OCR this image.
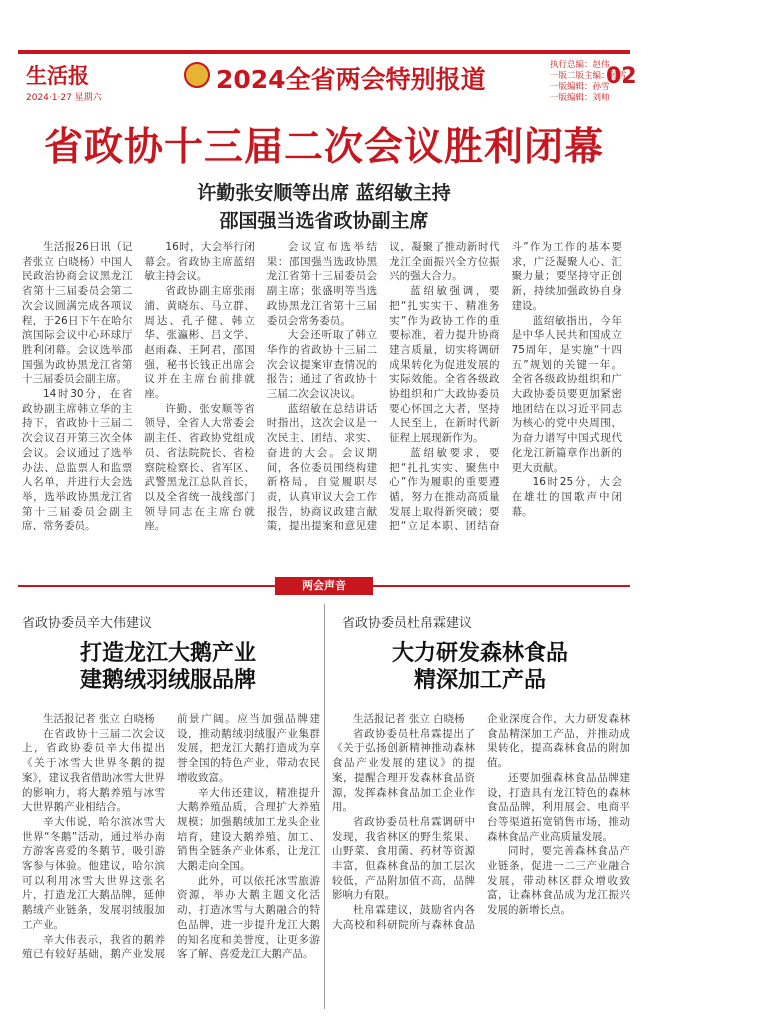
生活报
2024·1·27 星期六
2024全省两会特别报道	执行总编：赵伟
一版二版主编：孙雪
一版编辑：孙雪
一版编辑：刘帅
02
省政协十三届二次会议胜利闭幕
许勤张安顺等出席 蓝绍敏主持
邵国强当选省政协副主席

生活报26日讯（记者张立 白晓杨）中国人民政治协商会议黑龙江省第十三届委员会第二次会议圆满完成各项议程，于26日下午在哈尔滨国际会议中心环球厅胜利闭幕。会议选举邵国强为政协黑龙江省第十三届委员会副主席。

14时30分，在省政协副主席韩立华的主持下，省政协十三届二次会议召开第三次全体会议。会议通过了选举办法、总监票人和监票人名单，并进行大会选举，选举政协黑龙江省第十三届委员会副主席、常务委员。

16时，大会举行闭幕会。省政协主席蓝绍敏主持会议。

省政协副主席张雨浦、黄晓东、马立群、周达、孔子健、韩立华、张瀛彬、吕文学、赵雨森、王阿君，邵国强，秘书长钱正出席会议并在主席台前排就座。

许勤、张安顺等省领导，全省人大常委会副主任、省政协党组成员、省法院院长、省检察院检察长、省军区、武警黑龙江总队首长，以及全省统一战线部门领导同志在主席台就座。

会议宣布选举结果：邵国强当选政协黑龙江省第十三届委员会副主席；张盛明等当选政协黑龙江省第十三届委员会常务委员。

大会还听取了韩立华作的省政协十三届二次会议提案审查情况的报告；通过了省政协十三届二次会议决议。

蓝绍敏在总结讲话时指出，这次会议是一次民主、团结、求实、奋进的大会。会议期间，各位委员围绕构建新格局，自觉履职尽责，认真审议大会工作报告，协商议政建言献策，提出提案和意见建议，凝聚了推动新时代龙江全面振兴全方位振兴的强大合力。

蓝绍敏强调，要把“扎实实干、精准务实”作为政协工作的重要标准，着力提升协商建言质量，切实将调研成果转化为促进发展的实际效能。全省各级政协组织和广大政协委员要心怀国之大者，坚持人民至上，在新时代新征程上展现新作为。

蓝绍敏要求，要把“扎扎实实、聚焦中心”作为履职的重要遵循，努力在推动高质量发展上取得新突破；要把“立足本职、团结奋斗”作为工作的基本要求，广泛凝聚人心、汇聚力量；要坚持守正创新，持续加强政协自身建设。

蓝绍敏指出，今年是中华人民共和国成立75周年，是实施“十四五”规划的关键一年。全省各级政协组织和广大政协委员要更加紧密地团结在以习近平同志为核心的党中央周围，为奋力谱写中国式现代化龙江新篇章作出新的更大贡献。

16时25分，大会在雄壮的国歌声中闭幕。

两会声音
省政协委员辛大伟建议
打造龙江大鹅产业
建鹅绒羽绒服品牌

生活报记者 张立 白晓杨

在省政协十三届二次会议上，省政协委员辛大伟提出《关于冰雪大世界冬鹅的提案》，建议我省借助冰雪大世界的影响力，将大鹅养殖与冰雪大世界鹅产业相结合。

辛大伟说，哈尔滨冰雪大世界“冬鹅”活动，通过举办南方游客喜爱的冬鹅节，吸引游客参与体验。他建议，哈尔滨可以利用冰雪大世界这张名片，打造龙江大鹅品牌，延伸鹅绒产业链条，发展羽绒服加工产业。

辛大伟表示，我省的鹅养殖已有较好基础，鹅产业发展前景广阔。应当加强品牌建设，推动鹅绒羽绒服产业集群发展，把龙江大鹅打造成为享誉全国的特色产业，带动农民增收致富。

辛大伟还建议，精准提升大鹅养殖品质，合理扩大养殖规模；加强鹅绒加工龙头企业培育，建设大鹅养殖、加工、销售全链条产业体系，让龙江大鹅走向全国。

此外，可以依托冰雪旅游资源，举办大鹅主题文化活动，打造冰雪与大鹅融合的特色品牌，进一步提升龙江大鹅的知名度和美誉度，让更多游客了解、喜爱龙江大鹅产品。

省政协委员杜帛霖建议
大力研发森林食品
精深加工产品

生活报记者 张立 白晓杨

省政协委员杜帛霖提出了《关于弘扬创新精神推动森林食品产业发展的建议》的提案，提醒合理开发森林食品资源，发挥森林食品加工企业作用。

省政协委员杜帛霖调研中发现，我省林区的野生浆果、山野菜、食用菌、药材等资源丰富，但森林食品的加工层次较低，产品附加值不高，品牌影响力有限。

杜帛霖建议，鼓励省内各大高校和科研院所与森林食品企业深度合作，大力研发森林食品精深加工产品，并推动成果转化，提高森林食品的附加值。

还要加强森林食品品牌建设，打造具有龙江特色的森林食品品牌，利用展会、电商平台等渠道拓宽销售市场，推动森林食品产业高质量发展。

同时，要完善森林食品产业链条，促进一二三产业融合发展，带动林区群众增收致富，让森林食品成为龙江振兴发展的新增长点。
